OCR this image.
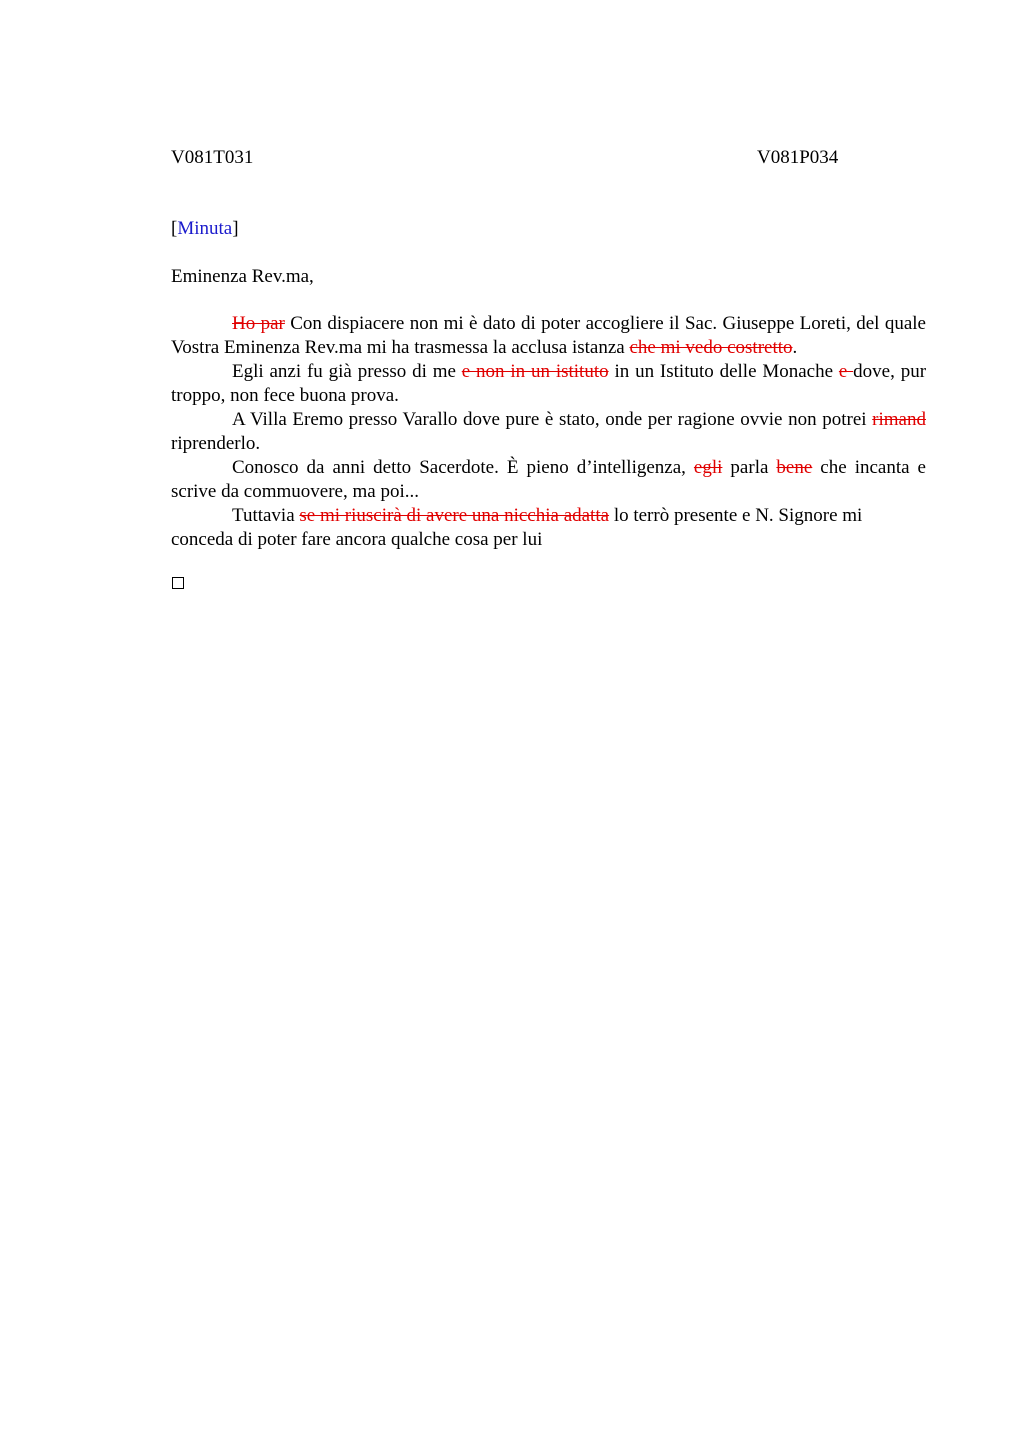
V081T031	V081P034
[Minuta]
Eminenza Rev.ma,

Ho par Con dispiacere non mi è dato di poter accogliere il Sac. Giuseppe Loreti, del quale Vostra Eminenza Rev.ma mi ha trasmessa la acclusa istanza che mi vedo costretto.

Egli anzi fu già presso di me e non in un istituto in un Istituto delle Monache e dove, pur troppo, non fece buona prova.

A Villa Eremo presso Varallo dove pure è stato, onde per ragione ovvie non potrei rimand riprenderlo.

Conosco da anni detto Sacerdote. È pieno d’intelligenza, egli parla bene che incanta e scrive da commuovere, ma poi...

Tuttavia se mi riuscirà di avere una nicchia adatta lo terrò presente e N. Signore mi conceda di poter fare ancora qualche cosa per lui
